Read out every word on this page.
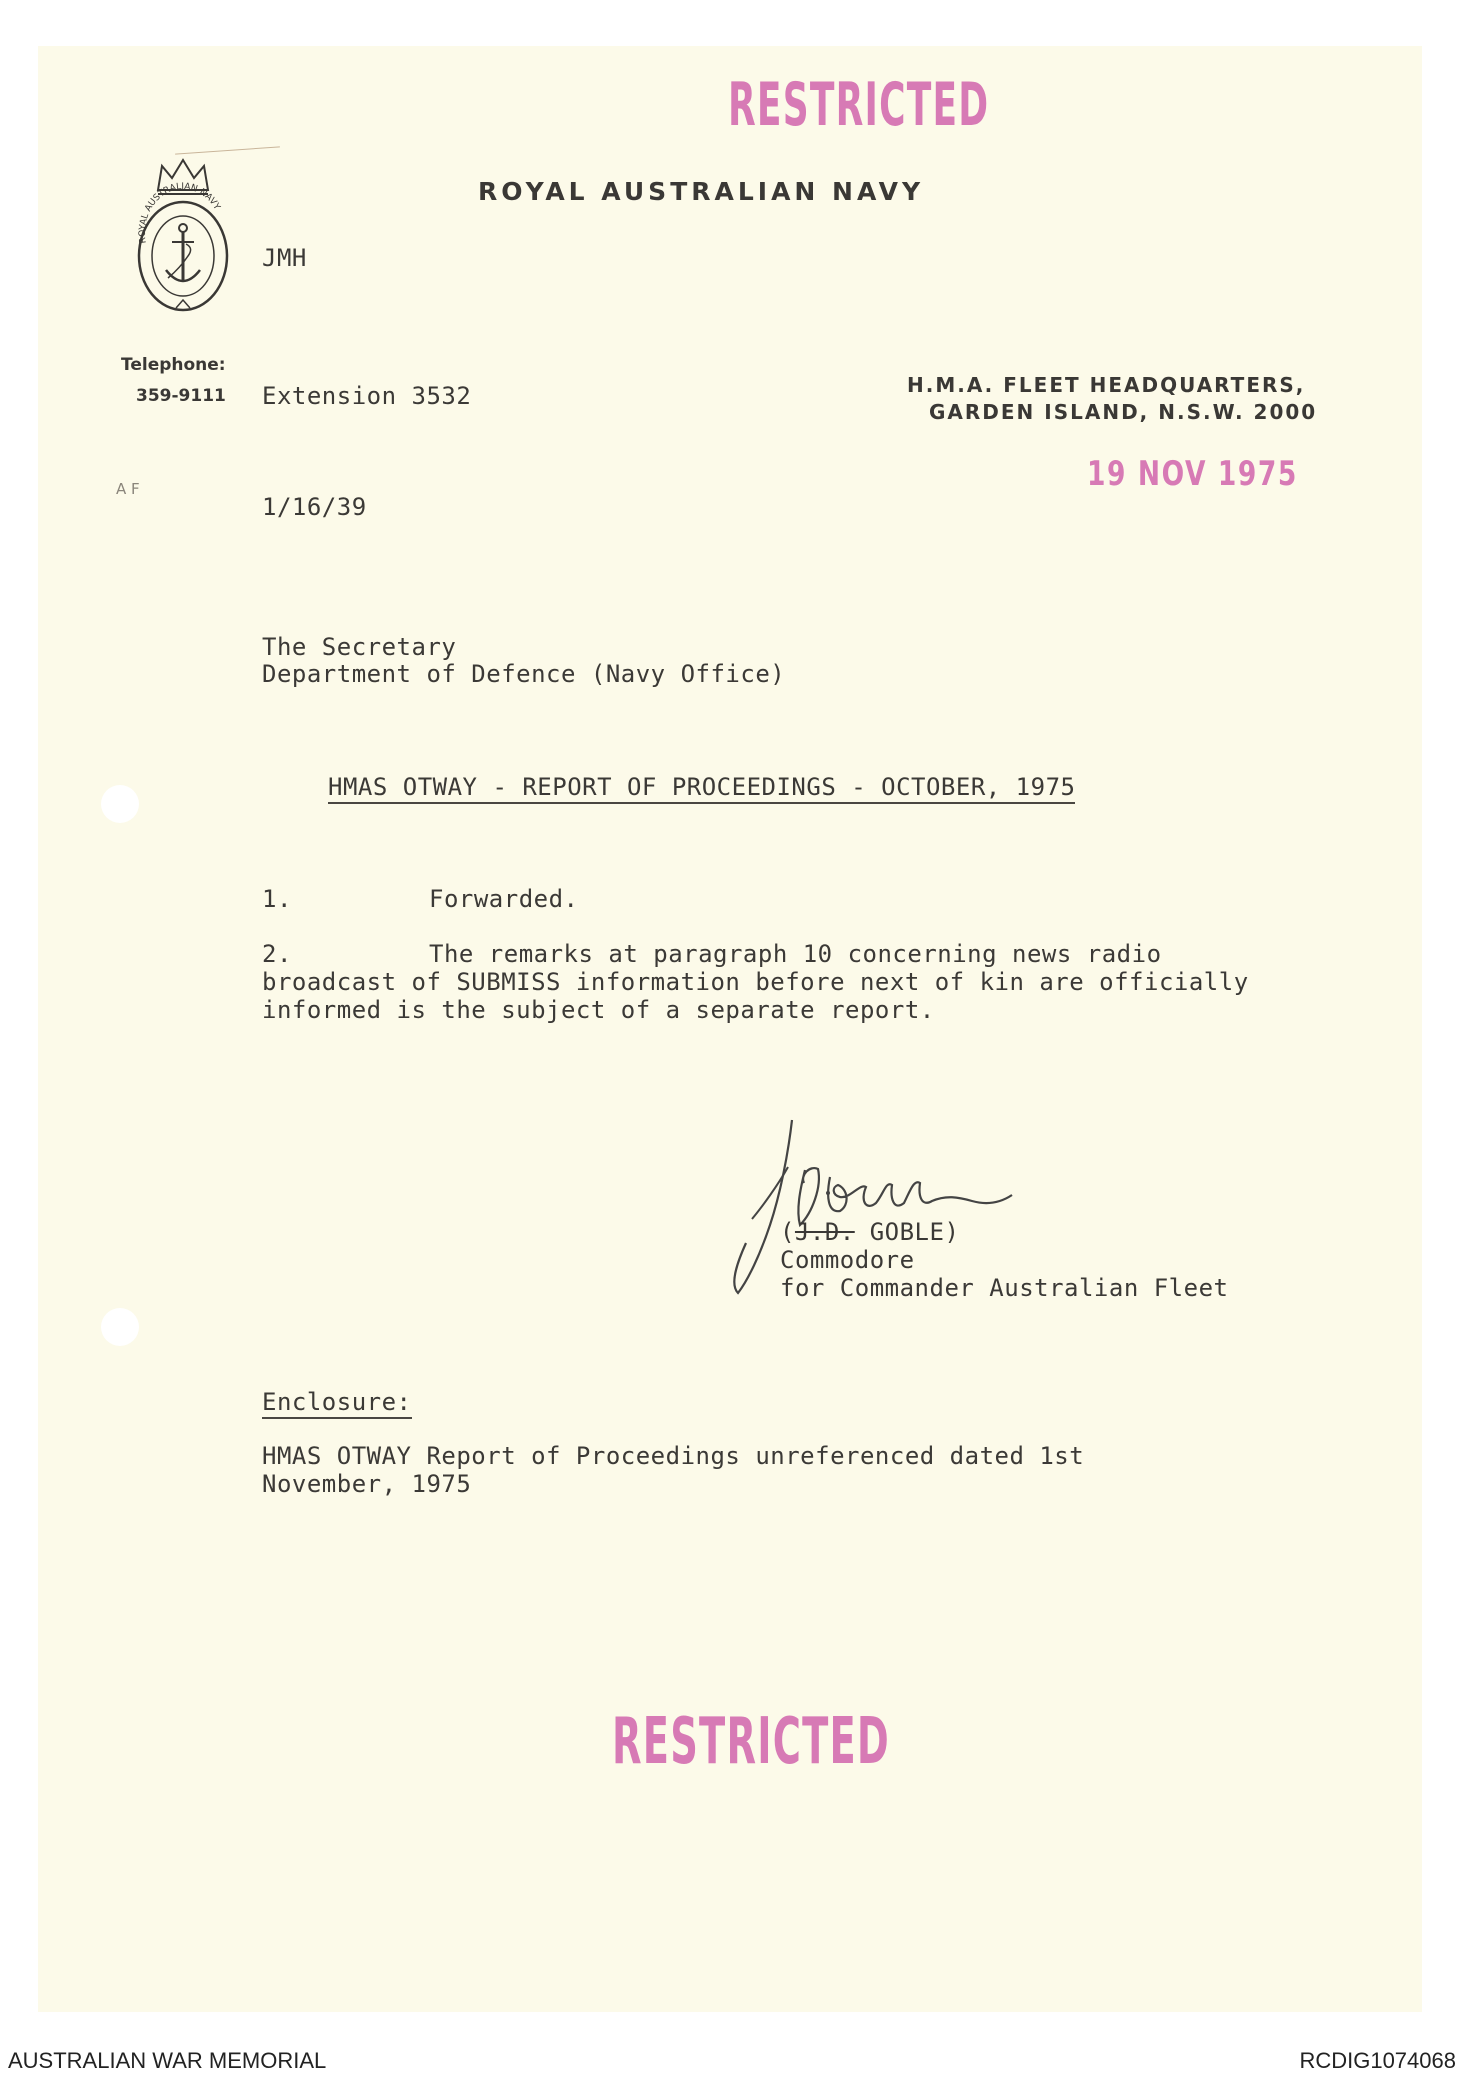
RESTRICTED
ROYAL AUSTRALIAN NAVY
ROYAL AUSTRALIAN NAVY
JMH
Telephone:
359-9111 Extension 3532	H.M.A. FLEET HEADQUARTERS,
GARDEN ISLAND, N.S.W. 2000
19 NOV 1975
A F
1/16/39
The Secretary
Department of Defence (Navy Office)
HMAS OTWAY - REPORT OF PROCEEDINGS - OCTOBER, 1975
1.	Forwarded.
2.	The remarks at paragraph 10 concerning news radio
broadcast of SUBMISS information before next of kin are officially
informed is the subject of a separate report.
(J.D. GOBLE)
Commodore
for Commander Australian Fleet
Enclosure:
HMAS OTWAY Report of Proceedings unreferenced dated 1st
November, 1975
RESTRICTED
AUSTRALIAN WAR MEMORIAL	RCDIG1074068
